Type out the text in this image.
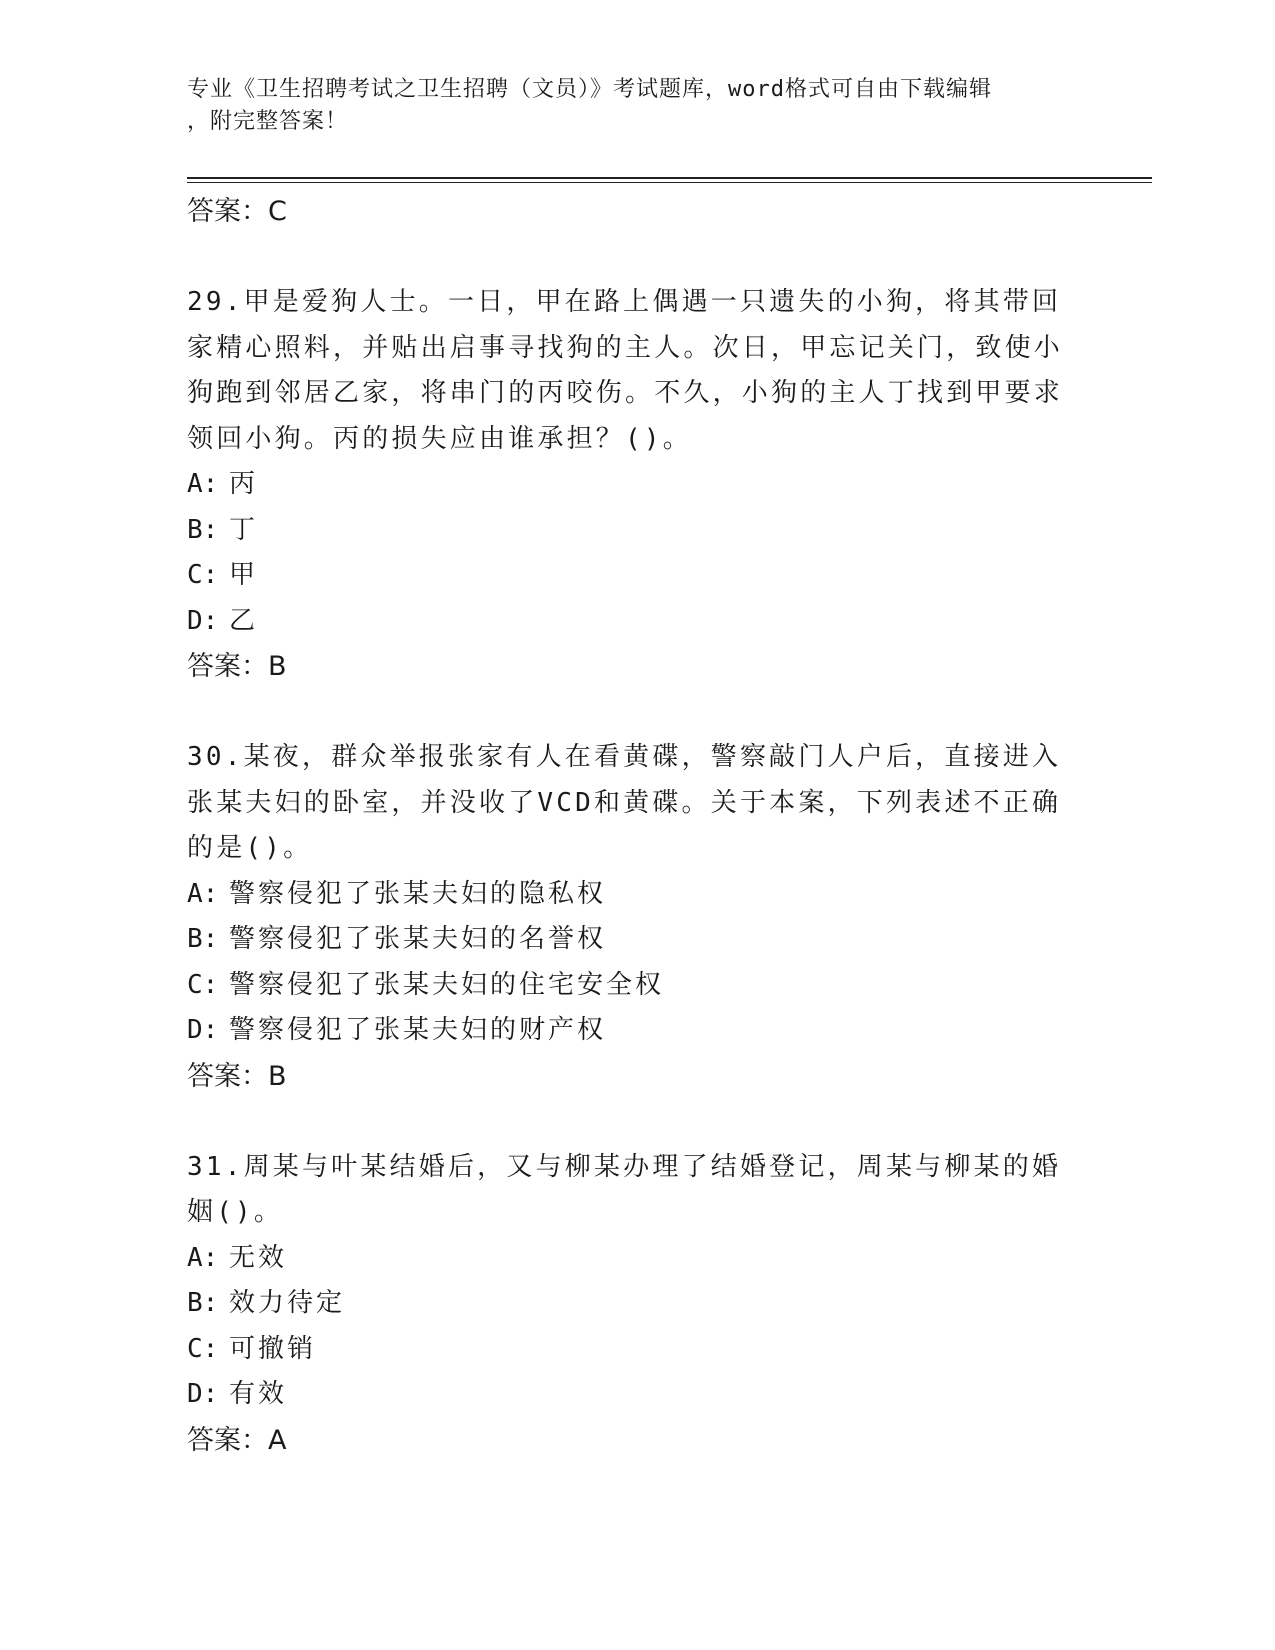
专业《卫生招聘考试之卫生招聘（文员）》考试题库，word格式可自由下载编辑
，附完整答案！
答案：C

29.甲是爱狗人士。一日，甲在路上偶遇一只遗失的小狗，将其带回家精心照料，并贴出启事寻找狗的主人。次日，甲忘记关门，致使小狗跑到邻居乙家，将串门的丙咬伤。不久，小狗的主人丁找到甲要求领回小狗。丙的损失应由谁承担？()。

A: 丙

B: 丁

C: 甲

D: 乙

答案：B

30.某夜，群众举报张家有人在看黄碟，警察敲门人户后，直接进入张某夫妇的卧室，并没收了VCD和黄碟。关于本案，下列表述不正确的是()。

A: 警察侵犯了张某夫妇的隐私权

B: 警察侵犯了张某夫妇的名誉权

C: 警察侵犯了张某夫妇的住宅安全权

D: 警察侵犯了张某夫妇的财产权

答案：B

31.周某与叶某结婚后，又与柳某办理了结婚登记，周某与柳某的婚姻()。

A: 无效

B: 效力待定

C: 可撤销

D: 有效

答案：A
